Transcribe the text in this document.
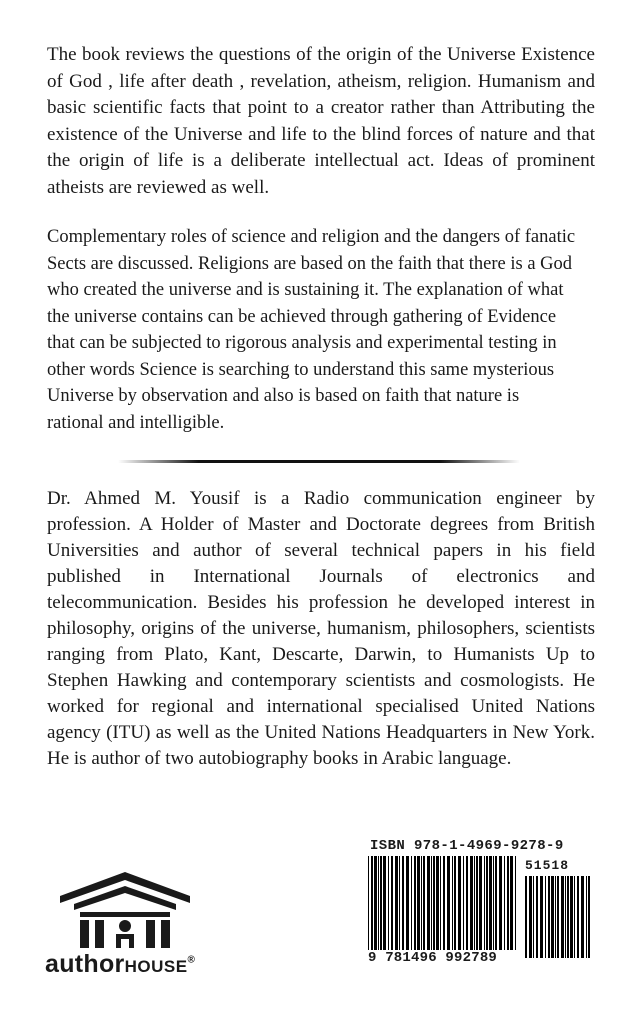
The book reviews the questions of the origin of the Universe Existence of God , life after death , revelation, atheism, religion. Humanism and basic scientific facts that point to a creator rather than Attributing the existence of the Universe and life to the blind forces of nature and that the origin of life is a deliberate intellectual act. Ideas of prominent atheists are reviewed as well.

Complementary roles of science and religion and the dangers of fanatic Sects are discussed. Religions are based on the faith that there is a God who created the universe and is sustaining it. The explanation of what the universe contains can be achieved through gathering of Evidence that can be subjected to rigorous analysis and experimental testing in other words Science is searching to understand this same mysterious Universe by observation and also is based on faith that nature is rational and intelligible.

Dr. Ahmed M. Yousif is a Radio communication engineer by profession. A Holder of Master and Doctorate degrees from British Universities and author of several technical papers in his field published in International Journals of electronics and telecommunication. Besides his profession he developed interest in philosophy, origins of the universe, humanism, philosophers, scientists ranging from Plato, Kant, Descarte, Darwin, to Humanists Up to Stephen Hawking and contemporary scientists and cosmologists. He worked for regional and international specialised United Nations agency (ITU) as well as the United Nations Headquarters in New York. He is author of two autobiography books in Arabic language.

authorHOUSE®
ISBN 978-1-4969-9278-9
51518
9 781496 992789
